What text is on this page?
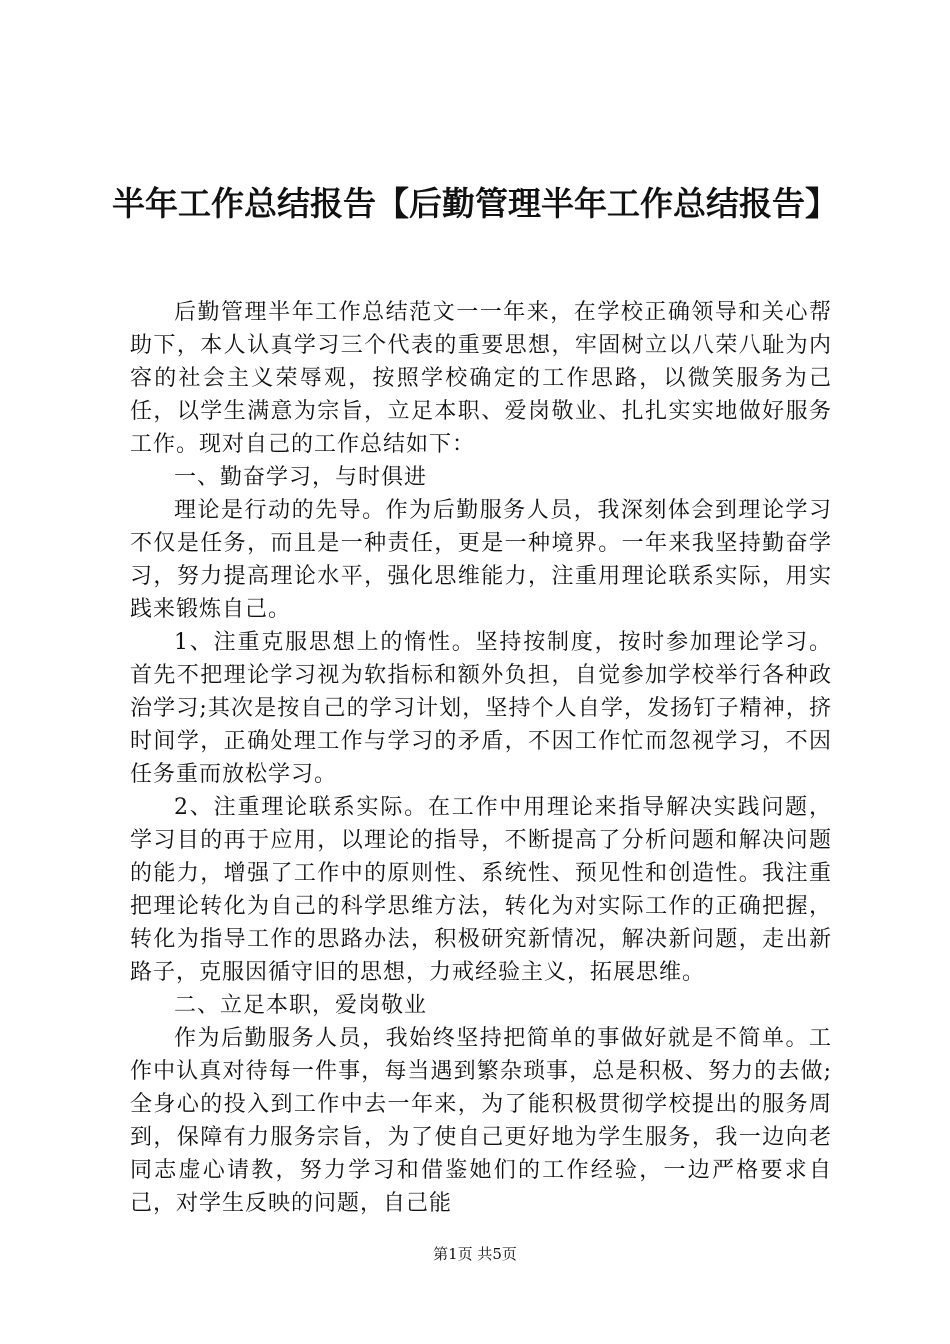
半年工作总结报告【后勤管理半年工作总结报告】

后勤管理半年工作总结范文一一年来，在学校正确领导和关心帮助下，本人认真学习三个代表的重要思想，牢固树立以八荣八耻为内容的社会主义荣辱观，按照学校确定的工作思路，以微笑服务为己任，以学生满意为宗旨，立足本职、爱岗敬业、扎扎实实地做好服务工作。现对自己的工作总结如下：

一、勤奋学习，与时俱进

理论是行动的先导。作为后勤服务人员，我深刻体会到理论学习不仅是任务，而且是一种责任，更是一种境界。一年来我坚持勤奋学习，努力提高理论水平，强化思维能力，注重用理论联系实际，用实践来锻炼自己。

1、注重克服思想上的惰性。坚持按制度，按时参加理论学习。首先不把理论学习视为软指标和额外负担，自觉参加学校举行各种政治学习;其次是按自己的学习计划，坚持个人自学，发扬钉子精神，挤时间学，正确处理工作与学习的矛盾，不因工作忙而忽视学习，不因任务重而放松学习。

2、注重理论联系实际。在工作中用理论来指导解决实践问题，学习目的再于应用，以理论的指导，不断提高了分析问题和解决问题的能力，增强了工作中的原则性、系统性、预见性和创造性。我注重把理论转化为自己的科学思维方法，转化为对实际工作的正确把握，转化为指导工作的思路办法，积极研究新情况，解决新问题，走出新路子，克服因循守旧的思想，力戒经验主义，拓展思维。

二、立足本职，爱岗敬业

作为后勤服务人员，我始终坚持把简单的事做好就是不简单。工作中认真对待每一件事，每当遇到繁杂琐事，总是积极、努力的去做;全身心的投入到工作中去一年来，为了能积极贯彻学校提出的服务周到，保障有力服务宗旨，为了使自己更好地为学生服务，我一边向老同志虚心请教，努力学习和借鉴她们的工作经验，一边严格要求自己，对学生反映的问题，自己能

第1页 共5页
